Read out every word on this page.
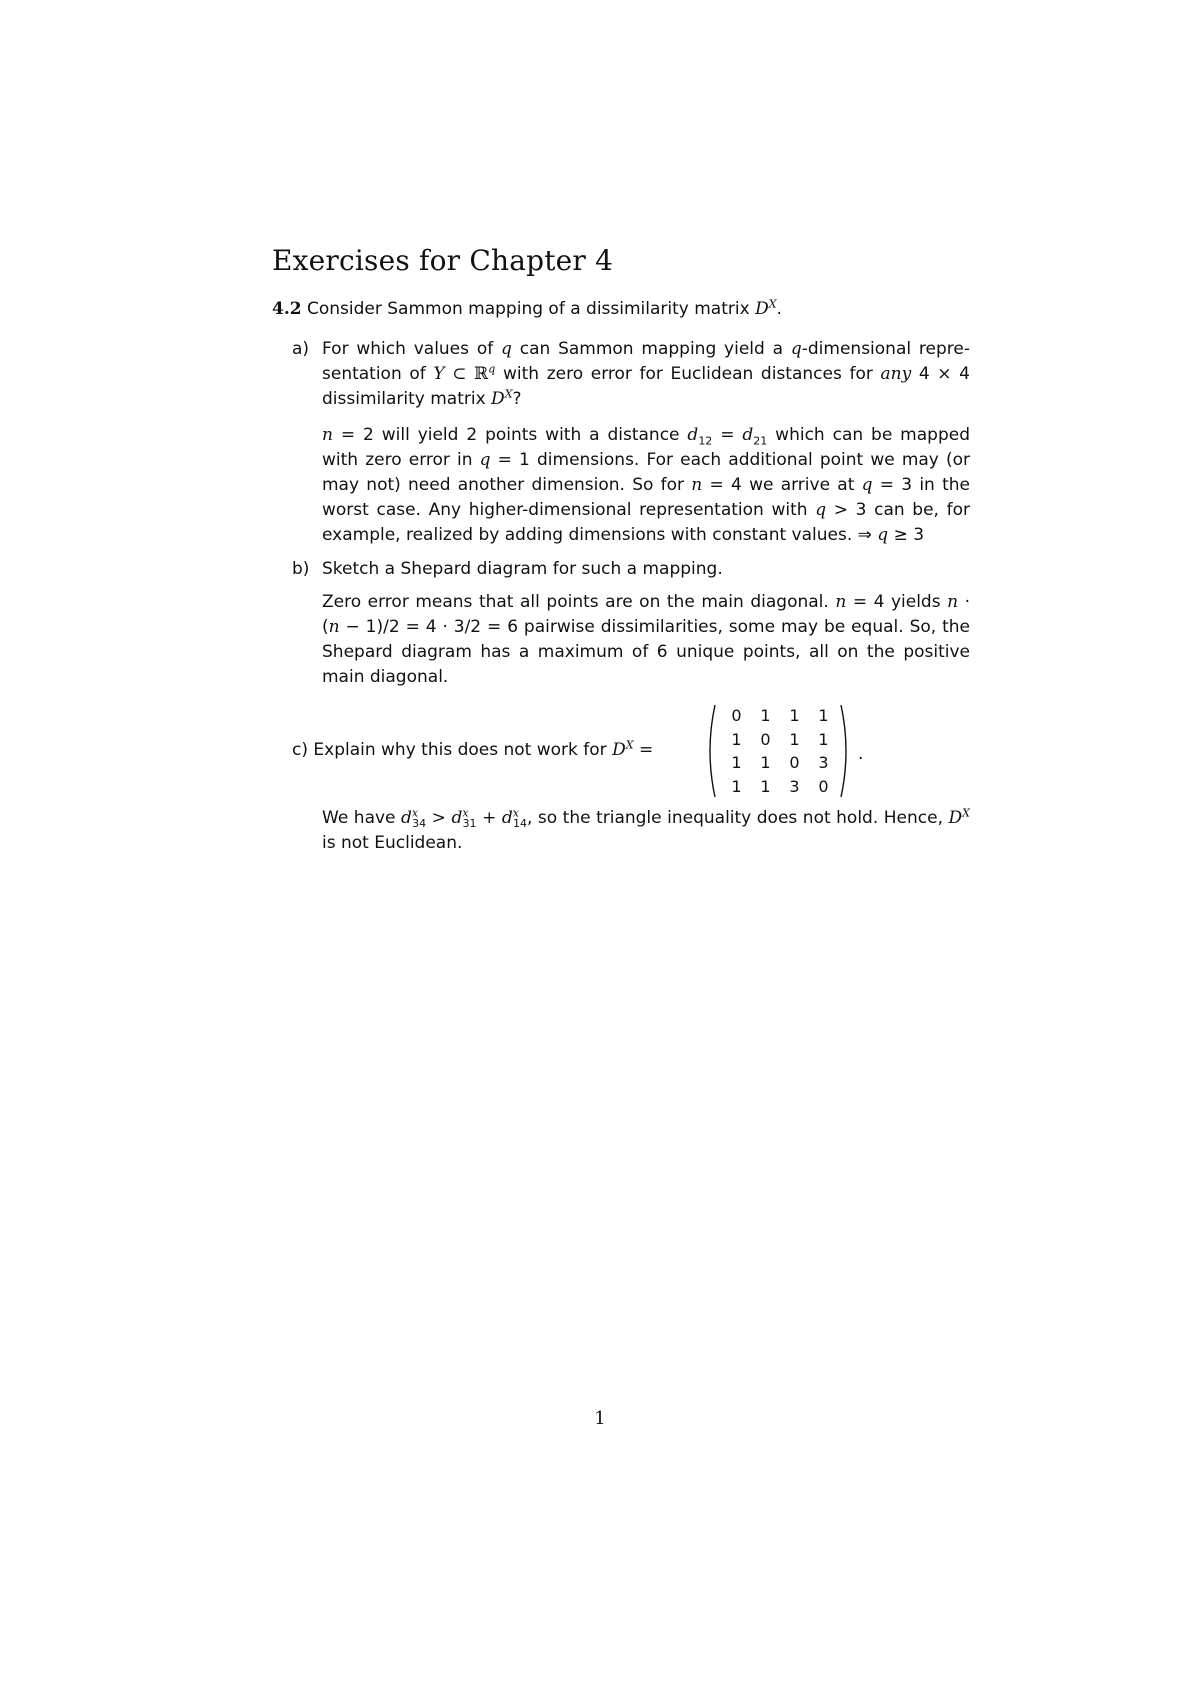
Exercises for Chapter 4
4.2 Consider Sammon mapping of a dissimilarity matrix $D^X$.
a) For which values of q can Sammon mapping yield a q-dimensional representation of Y ⊂ ℝ$^q$ with zero error for Euclidean distances for any 4 × 4 dissimilarity matrix $D^X$?
n = 2 will yield 2 points with a distance $d_{12} = d_{21}$ which can be mapped with zero error in q = 1 dimensions. For each additional point we may (or may not) need another dimension. So for n = 4 we arrive at q = 3 in the worst case. Any higher-dimensional representation with q > 3 can be, for example, realized by adding dimensions with constant values. ⇒ q ≥ 3
b) Sketch a Shepard diagram for such a mapping.
Zero error means that all points are on the main diagonal. n = 4 yields n · (n − 1)/2 = 4 · 3/2 = 6 pairwise dissimilarities, some may be equal. So, the Shepard diagram has a maximum of 6 unique points, all on the positive main diagonal.
c) Explain why this does not work for $D^X$ =
0	1	1	1
1	0	1	1
1	1	0	3
1	1	3	0
.
We have $d^x_{34} > d^x_{31} + d^x_{14}$, so the triangle inequality does not hold. Hence, $D^X$ is not Euclidean.
1
